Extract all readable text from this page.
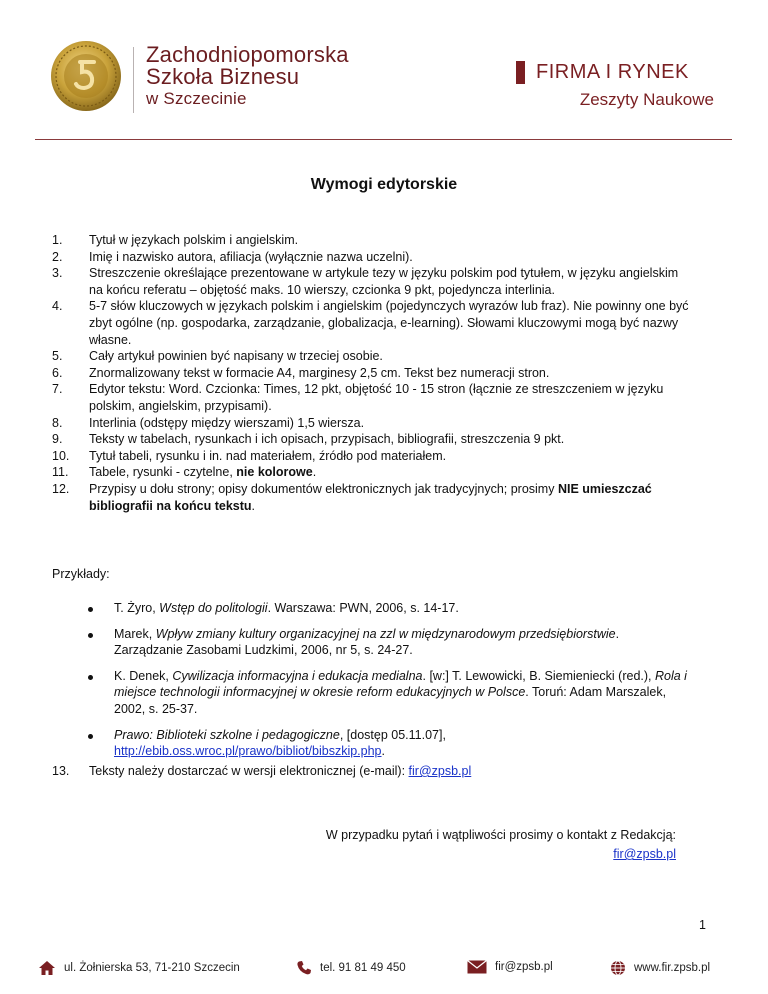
Zachodniopomorska
Szkoła Biznesu
w Szczecinie
FIRMA I RYNEK
Zeszyty Naukowe
Wymogi edytorskie
1.	Tytuł w językach polskim i angielskim.
2.	Imię i nazwisko autora, afiliacja (wyłącznie nazwa uczelni).
3.	Streszczenie określające prezentowane w artykule tezy w języku polskim pod tytułem, w języku angielskim na końcu referatu – objętość maks. 10 wierszy, czcionka 9 pkt, pojedyncza interlinia.
4.	5-7 słów kluczowych w językach polskim i angielskim (pojedynczych wyrazów lub fraz). Nie powinny one być zbyt ogólne (np. gospodarka, zarządzanie, globalizacja, e-learning). Słowami kluczowymi mogą być nazwy własne.
5.	Cały artykuł powinien być napisany w trzeciej osobie.
6.	Znormalizowany tekst w formacie A4, marginesy 2,5 cm. Tekst bez numeracji stron.
7.	Edytor tekstu: Word. Czcionka: Times, 12 pkt, objętość 10 - 15 stron (łącznie ze streszczeniem w języku polskim, angielskim, przypisami).
8.	Interlinia (odstępy między wierszami) 1,5 wiersza.
9.	Teksty w tabelach, rysunkach i ich opisach, przypisach, bibliografii, streszczenia 9 pkt.
10.	Tytuł tabeli, rysunku i in. nad materiałem, źródło pod materiałem.
11.	Tabele, rysunki - czytelne, nie kolorowe.
12.	Przypisy u dołu strony; opisy dokumentów elektronicznych jak tradycyjnych; prosimy NIE umieszczać bibliografii na końcu tekstu.
Przykłady:
T. Żyro, Wstęp do politologii. Warszawa: PWN, 2006, s. 14-17.
Marek, Wpływ zmiany kultury organizacyjnej na zzl w międzynarodowym przedsiębiorstwie. Zarządzanie Zasobami Ludzkimi, 2006, nr 5, s. 24-27.
K. Denek, Cywilizacja informacyjna i edukacja medialna. [w:] T. Lewowicki, B. Siemieniecki (red.), Rola i miejsce technologii informacyjnej w okresie reform edukacyjnych w Polsce. Toruń: Adam Marszalek, 2002, s. 25-37.
Prawo: Biblioteki szkolne i pedagogiczne, [dostęp 05.11.07], http://ebib.oss.wroc.pl/prawo/bibliot/bibszkip.php.
13.	Teksty należy dostarczać w wersji elektronicznej (e-mail): fir@zpsb.pl
W przypadku pytań i wątpliwości prosimy o kontakt z Redakcją:
fir@zpsb.pl
1
ul. Żołnierska 53, 71-210 Szczecin	tel. 91 81 49 450	fir@zpsb.pl	www.fir.zpsb.pl
